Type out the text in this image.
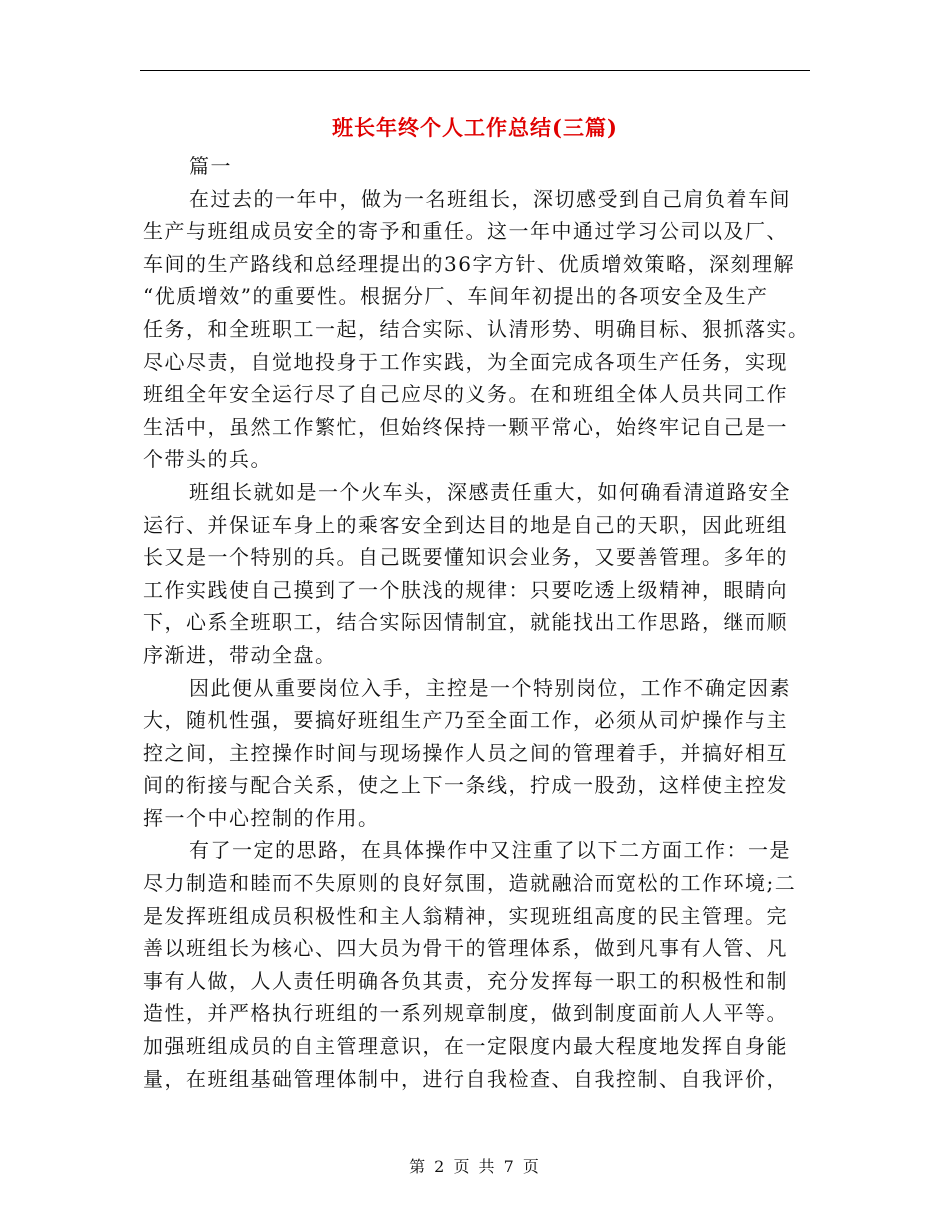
班长年终个人工作总结(三篇)
篇一
在过去的一年中，做为一名班组长，深切感受到自己肩负着车间
生产与班组成员安全的寄予和重任。这一年中通过学习公司以及厂、
车间的生产路线和总经理提出的36字方针、优质增效策略，深刻理解
“优质增效”的重要性。根据分厂、车间年初提出的各项安全及生产
任务，和全班职工一起，结合实际、认清形势、明确目标、狠抓落实。
尽心尽责，自觉地投身于工作实践，为全面完成各项生产任务，实现
班组全年安全运行尽了自己应尽的义务。在和班组全体人员共同工作
生活中，虽然工作繁忙，但始终保持一颗平常心，始终牢记自己是一
个带头的兵。
班组长就如是一个火车头，深感责任重大，如何确看清道路安全
运行、并保证车身上的乘客安全到达目的地是自己的天职，因此班组
长又是一个特别的兵。自己既要懂知识会业务，又要善管理。多年的
工作实践使自己摸到了一个肤浅的规律：只要吃透上级精神，眼睛向
下，心系全班职工，结合实际因情制宜，就能找出工作思路，继而顺
序渐进，带动全盘。
因此便从重要岗位入手，主控是一个特别岗位，工作不确定因素
大，随机性强，要搞好班组生产乃至全面工作，必须从司炉操作与主
控之间，主控操作时间与现场操作人员之间的管理着手，并搞好相互
间的衔接与配合关系，使之上下一条线，拧成一股劲，这样使主控发
挥一个中心控制的作用。
有了一定的思路，在具体操作中又注重了以下二方面工作：一是
尽力制造和睦而不失原则的良好氛围，造就融洽而宽松的工作环境;二
是发挥班组成员积极性和主人翁精神，实现班组高度的民主管理。完
善以班组长为核心、四大员为骨干的管理体系，做到凡事有人管、凡
事有人做，人人责任明确各负其责，充分发挥每一职工的积极性和制
造性，并严格执行班组的一系列规章制度，做到制度面前人人平等。
加强班组成员的自主管理意识，在一定限度内最大程度地发挥自身能
量，在班组基础管理体制中，进行自我检查、自我控制、自我评价，
第 2 页 共 7 页
